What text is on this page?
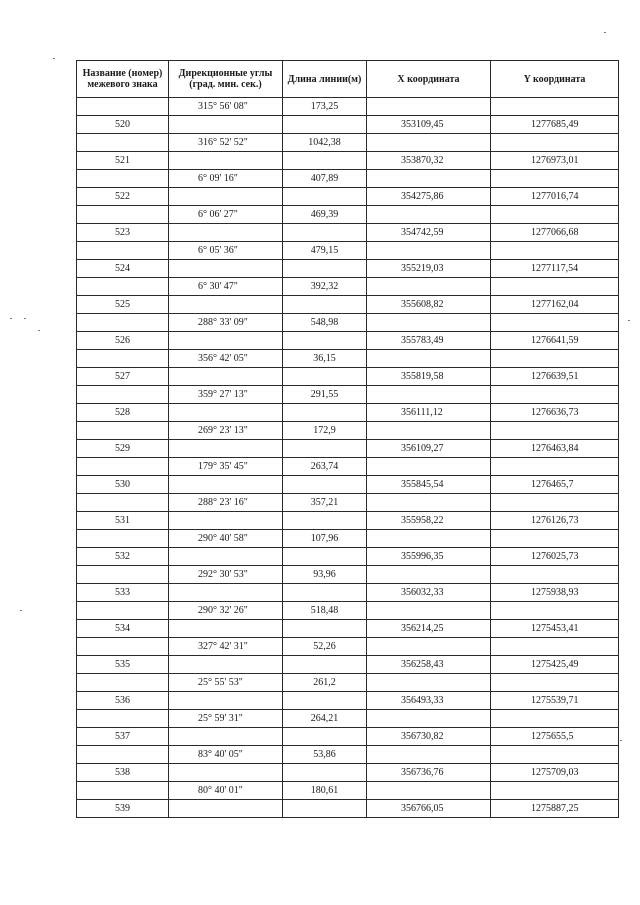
Название (номер) межевого знака	Дирекционные углы (град. мин. сек.)	Длина линии(м)	X координата	Y координата
	315° 56' 08"	173,25		
520			353109,45	1277685,49
	316° 52' 52"	1042,38		
521			353870,32	1276973,01
	6° 09' 16"	407,89		
522			354275,86	1277016,74
	6° 06' 27"	469,39		
523			354742,59	1277066,68
	6° 05' 36"	479,15		
524			355219,03	1277117,54
	6° 30' 47"	392,32		
525			355608,82	1277162,04
	288° 33' 09"	548,98		
526			355783,49	1276641,59
	356° 42' 05"	36,15		
527			355819,58	1276639,51
	359° 27' 13"	291,55		
528			356111,12	1276636,73
	269° 23' 13"	172,9		
529			356109,27	1276463,84
	179° 35' 45"	263,74		
530			355845,54	1276465,7
	288° 23' 16"	357,21		
531			355958,22	1276126,73
	290° 40' 58"	107,96		
532			355996,35	1276025,73
	292° 30' 53"	93,96		
533			356032,33	1275938,93
	290° 32' 26"	518,48		
534			356214,25	1275453,41
	327° 42' 31"	52,26		
535			356258,43	1275425,49
	25° 55' 53"	261,2		
536			356493,33	1275539,71
	25° 59' 31"	264,21		
537			356730,82	1275655,5
	83° 40' 05"	53,86		
538			356736,76	1275709,03
	80° 40' 01"	180,61		
539			356766,05	1275887,25
